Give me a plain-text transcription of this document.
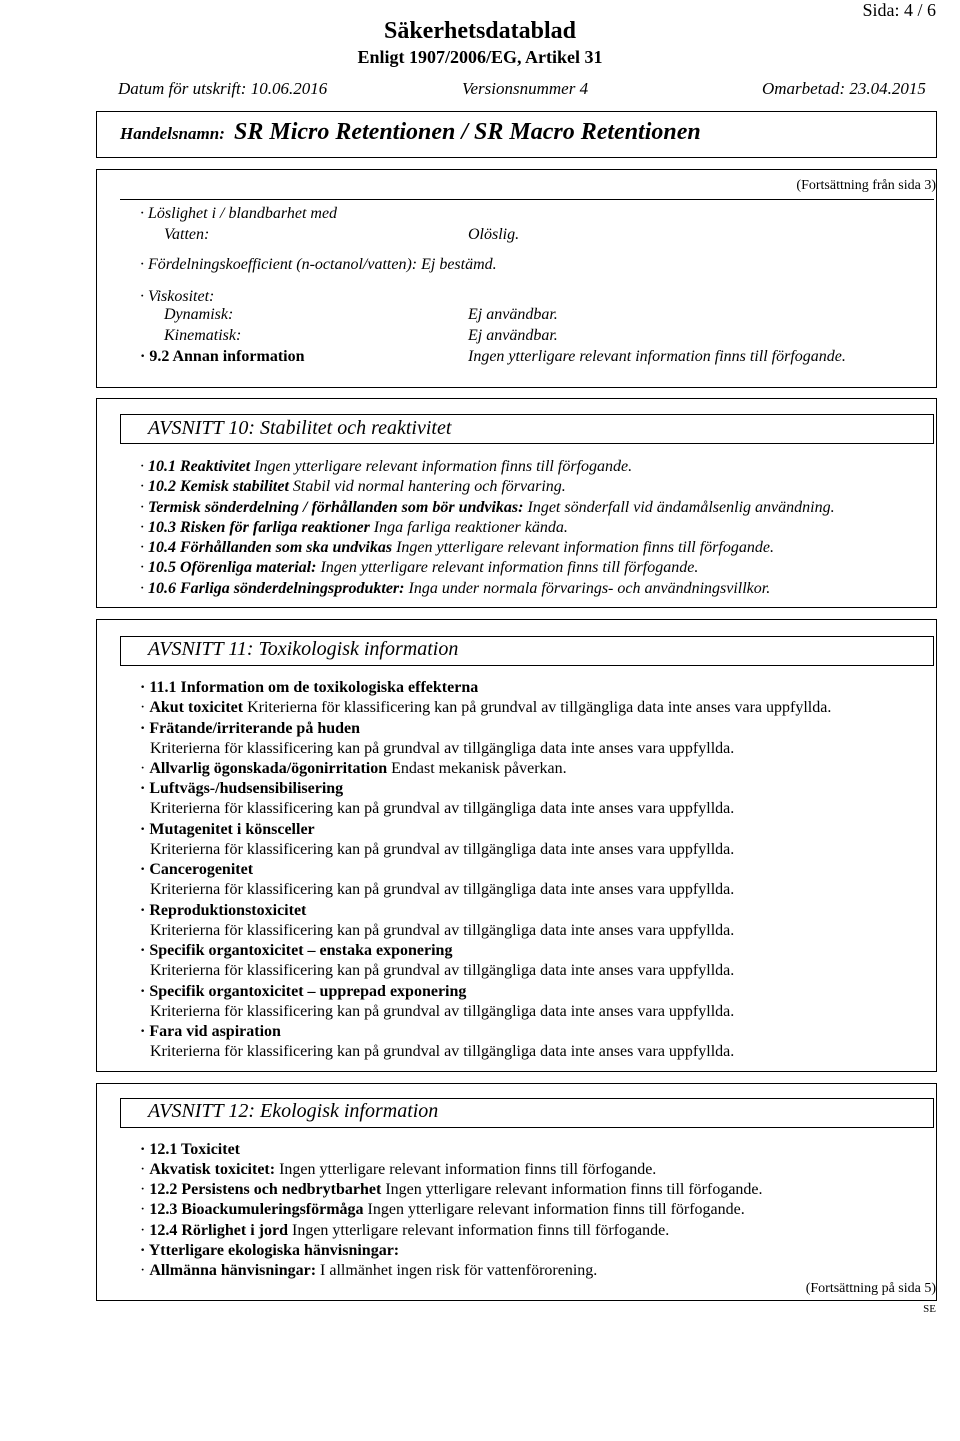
Sida: 4 / 6
Säkerhetsdatablad
Enligt 1907/2006/EG, Artikel 31
Datum för utskrift: 10.06.2016	Versionsnummer 4	Omarbetad: 23.04.2015
Handelsnamn: SR Micro Retentionen / SR Macro Retentionen
(Fortsättning från sida 3)
· Löslighet i / blandbarhet med
Vatten:	Olöslig.
· Fördelningskoefficient (n-octanol/vatten): Ej bestämd.
· Viskositet:
Dynamisk:	Ej användbar.
Kinematisk:	Ej användbar.
· 9.2 Annan information	Ingen ytterligare relevant information finns till förfogande.
AVSNITT 10: Stabilitet och reaktivitet
· 10.1 Reaktivitet Ingen ytterligare relevant information finns till förfogande.
· 10.2 Kemisk stabilitet Stabil vid normal hantering och förvaring.
· Termisk sönderdelning / förhållanden som bör undvikas: Inget sönderfall vid ändamålsenlig användning.
· 10.3 Risken för farliga reaktioner Inga farliga reaktioner kända.
· 10.4 Förhållanden som ska undvikas Ingen ytterligare relevant information finns till förfogande.
· 10.5 Oförenliga material: Ingen ytterligare relevant information finns till förfogande.
· 10.6 Farliga sönderdelningsprodukter: Inga under normala förvarings- och användningsvillkor.
AVSNITT 11: Toxikologisk information
· 11.1 Information om de toxikologiska effekterna
· Akut toxicitet Kriterierna för klassificering kan på grundval av tillgängliga data inte anses vara uppfyllda.
· Frätande/irriterande på huden
Kriterierna för klassificering kan på grundval av tillgängliga data inte anses vara uppfyllda.
· Allvarlig ögonskada/ögonirritation Endast mekanisk påverkan.
· Luftvägs-/hudsensibilisering
Kriterierna för klassificering kan på grundval av tillgängliga data inte anses vara uppfyllda.
· Mutagenitet i könsceller
Kriterierna för klassificering kan på grundval av tillgängliga data inte anses vara uppfyllda.
· Cancerogenitet
Kriterierna för klassificering kan på grundval av tillgängliga data inte anses vara uppfyllda.
· Reproduktionstoxicitet
Kriterierna för klassificering kan på grundval av tillgängliga data inte anses vara uppfyllda.
· Specifik organtoxicitet – enstaka exponering
Kriterierna för klassificering kan på grundval av tillgängliga data inte anses vara uppfyllda.
· Specifik organtoxicitet – upprepad exponering
Kriterierna för klassificering kan på grundval av tillgängliga data inte anses vara uppfyllda.
· Fara vid aspiration
Kriterierna för klassificering kan på grundval av tillgängliga data inte anses vara uppfyllda.
AVSNITT 12: Ekologisk information
· 12.1 Toxicitet
· Akvatisk toxicitet: Ingen ytterligare relevant information finns till förfogande.
· 12.2 Persistens och nedbrytbarhet Ingen ytterligare relevant information finns till förfogande.
· 12.3 Bioackumuleringsförmåga Ingen ytterligare relevant information finns till förfogande.
· 12.4 Rörlighet i jord Ingen ytterligare relevant information finns till förfogande.
· Ytterligare ekologiska hänvisningar:
· Allmänna hänvisningar: I allmänhet ingen risk för vattenförorening.
(Fortsättning på sida 5)
SE
